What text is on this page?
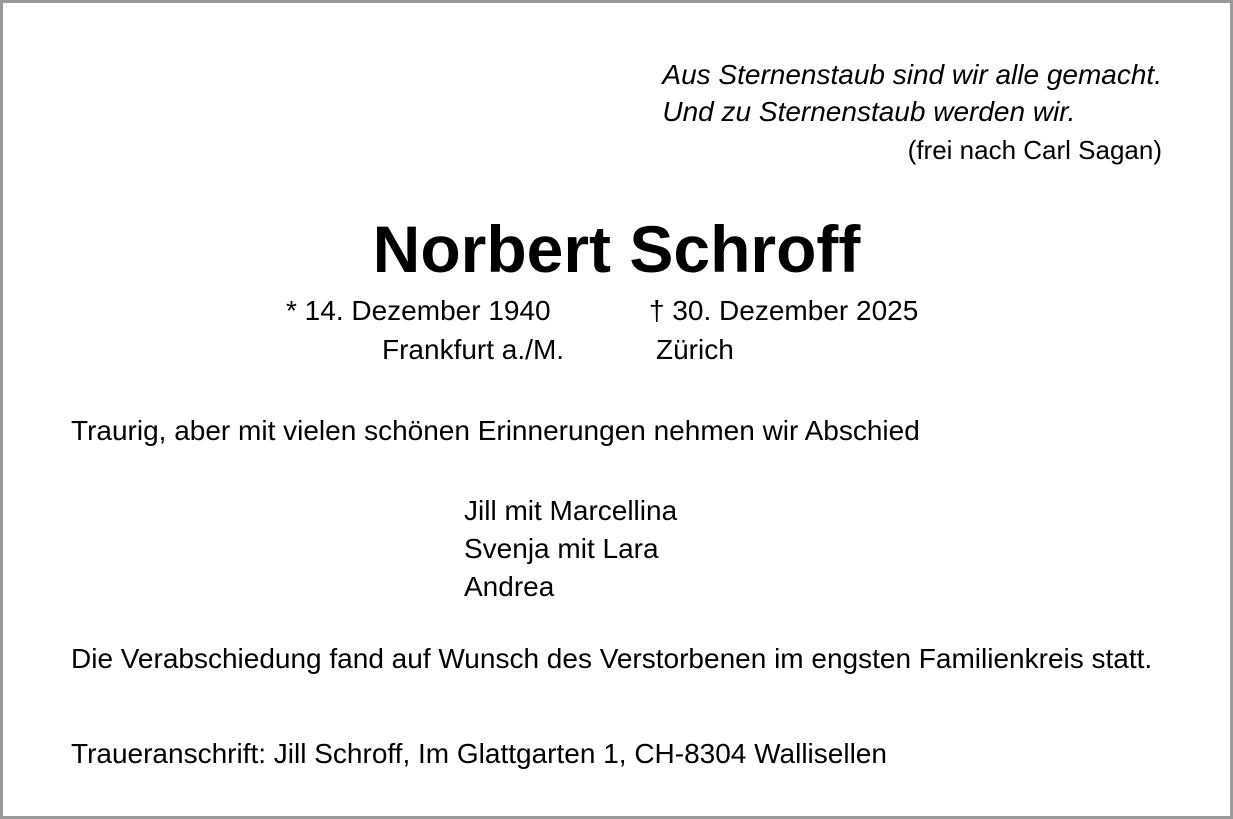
Aus Sternenstaub sind wir alle gemacht.
Und zu Sternenstaub werden wir.
(frei nach Carl Sagan)
Norbert Schroff
* 14. Dezember 1940	† 30. Dezember 2025
Frankfurt a./M.	Zürich
Traurig, aber mit vielen schönen Erinnerungen nehmen wir Abschied
Jill mit Marcellina
Svenja mit Lara
Andrea
Die Verabschiedung fand auf Wunsch des Verstorbenen im engsten Familienkreis statt.
Traueranschrift: Jill Schroff, Im Glattgarten 1, CH-8304 Wallisellen
